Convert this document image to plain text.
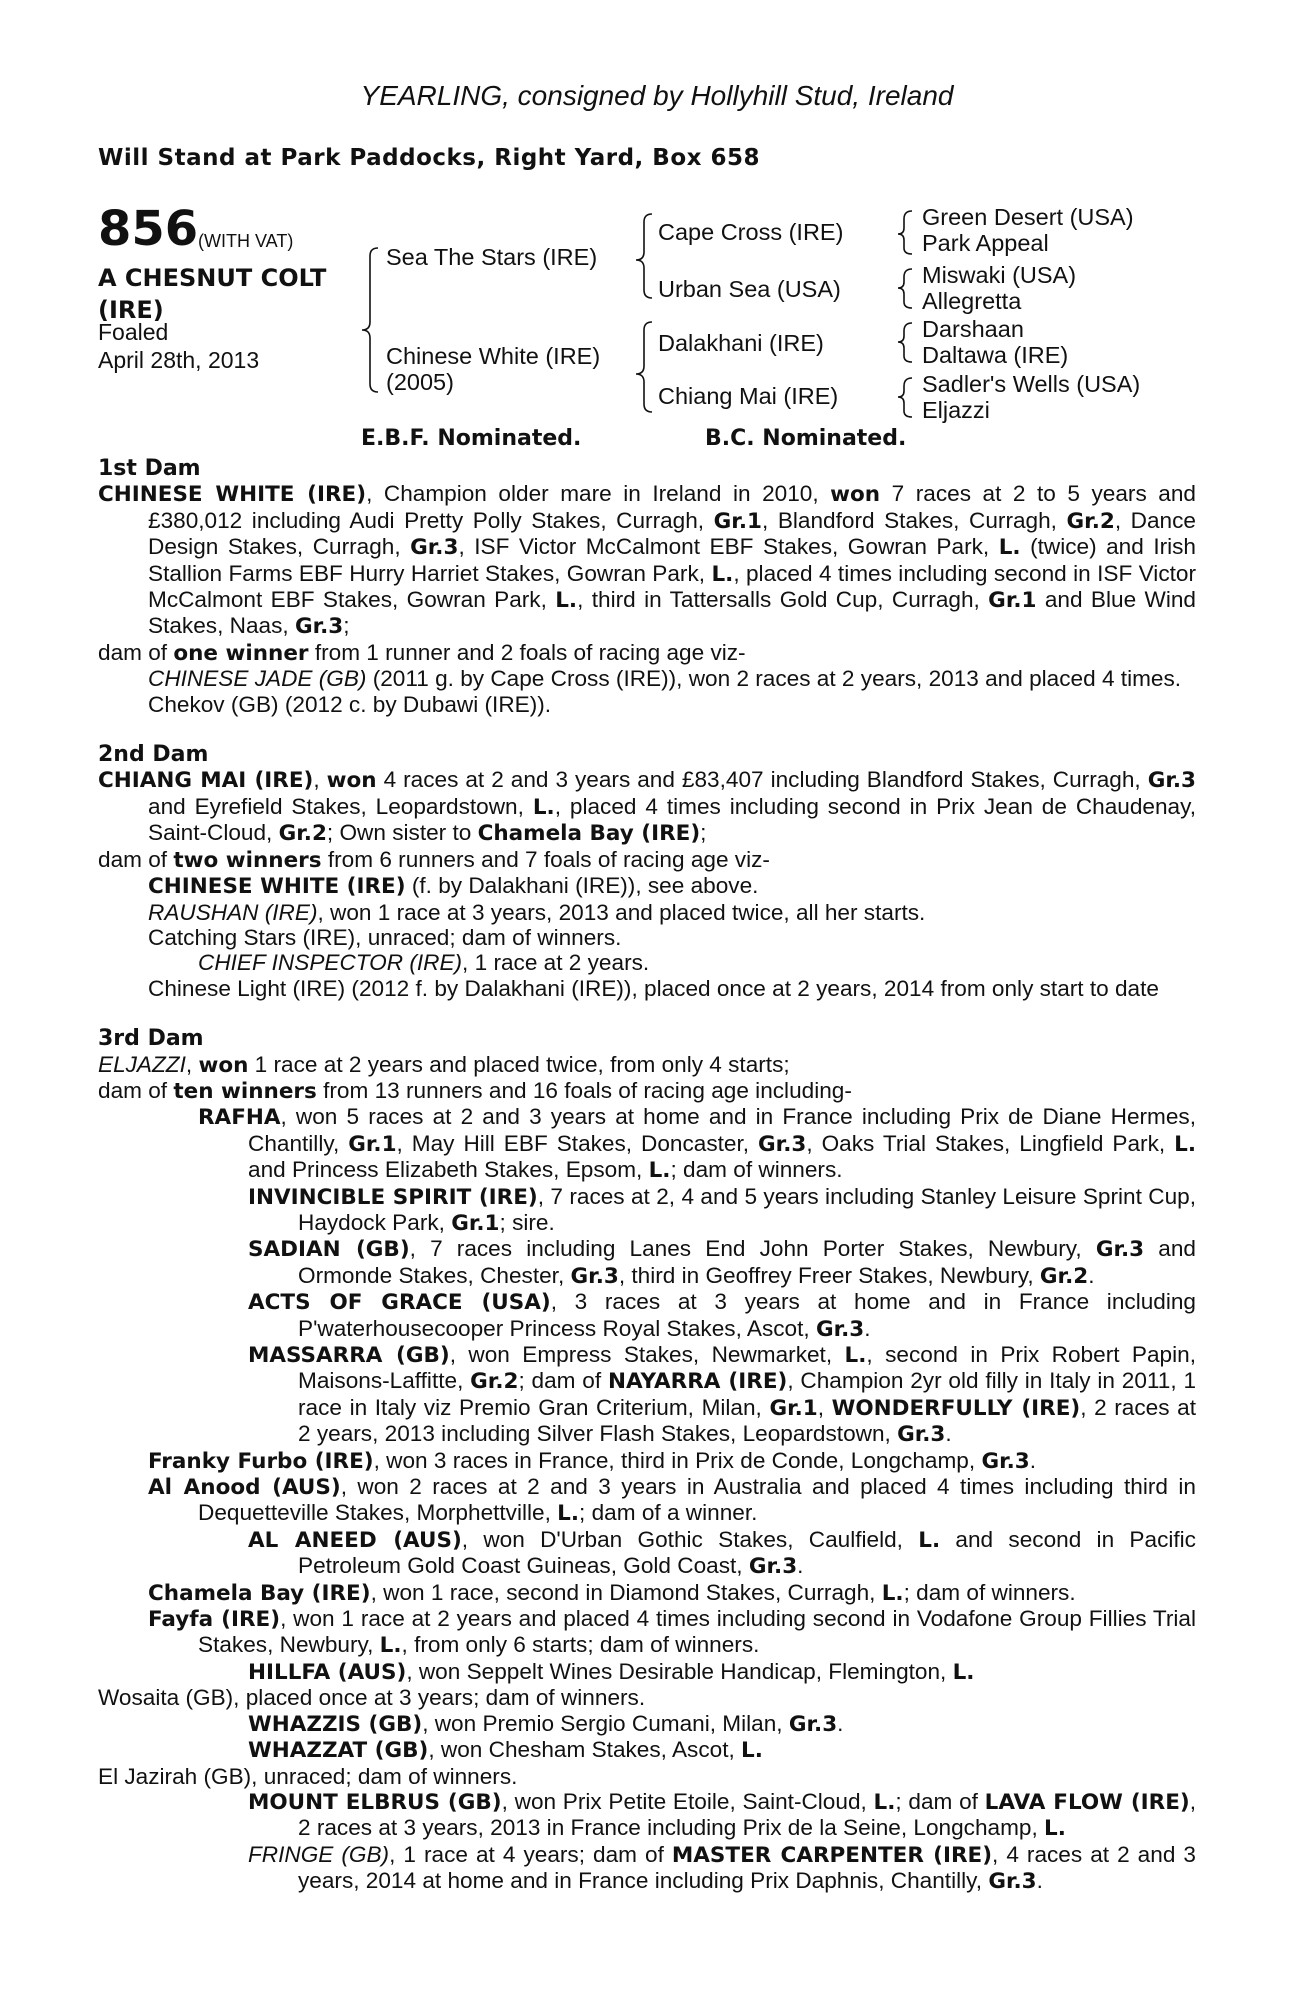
YEARLING, consigned by Hollyhill Stud, Ireland
Will Stand at Park Paddocks, Right Yard, Box 658
856 (WITH VAT)
A CHESNUT COLT
(IRE)
Foaled
April 28th, 2013
Sea The Stars (IRE)
Chinese White (IRE)
(2005)
Cape Cross (IRE)
Urban Sea (USA)
Dalakhani (IRE)
Chiang Mai (IRE)
Green Desert (USA)
Park Appeal
Miswaki (USA)
Allegretta
Darshaan
Daltawa (IRE)
Sadler's Wells (USA)
Eljazzi
E.B.F. Nominated.	B.C. Nominated.

1st Dam

CHINESE WHITE (IRE), Champion older mare in Ireland in 2010, won 7 races at 2 to 5 years and £380,012 including Audi Pretty Polly Stakes, Curragh, Gr.1, Blandford Stakes, Curragh, Gr.2, Dance Design Stakes, Curragh, Gr.3, ISF Victor McCalmont EBF Stakes, Gowran Park, L. (twice) and Irish Stallion Farms EBF Hurry Harriet Stakes, Gowran Park, L., placed 4 times including second in ISF Victor McCalmont EBF Stakes, Gowran Park, L., third in Tattersalls Gold Cup, Curragh, Gr.1 and Blue Wind Stakes, Naas, Gr.3;

dam of one winner from 1 runner and 2 foals of racing age viz-

CHINESE JADE (GB) (2011 g. by Cape Cross (IRE)), won 2 races at 2 years, 2013 and placed 4 times.

Chekov (GB) (2012 c. by Dubawi (IRE)).

2nd Dam

CHIANG MAI (IRE), won 4 races at 2 and 3 years and £83,407 including Blandford Stakes, Curragh, Gr.3 and Eyrefield Stakes, Leopardstown, L., placed 4 times including second in Prix Jean de Chaudenay, Saint-Cloud, Gr.2; Own sister to Chamela Bay (IRE);

dam of two winners from 6 runners and 7 foals of racing age viz-

CHINESE WHITE (IRE) (f. by Dalakhani (IRE)), see above.

RAUSHAN (IRE), won 1 race at 3 years, 2013 and placed twice, all her starts.

Catching Stars (IRE), unraced; dam of winners.

CHIEF INSPECTOR (IRE), 1 race at 2 years.

Chinese Light (IRE) (2012 f. by Dalakhani (IRE)), placed once at 2 years, 2014 from only start to date

3rd Dam

ELJAZZI, won 1 race at 2 years and placed twice, from only 4 starts;

dam of ten winners from 13 runners and 16 foals of racing age including-

RAFHA, won 5 races at 2 and 3 years at home and in France including Prix de Diane Hermes, Chantilly, Gr.1, May Hill EBF Stakes, Doncaster, Gr.3, Oaks Trial Stakes, Lingfield Park, L. and Princess Elizabeth Stakes, Epsom, L.; dam of winners.

INVINCIBLE SPIRIT (IRE), 7 races at 2, 4 and 5 years including Stanley Leisure Sprint Cup, Haydock Park, Gr.1; sire.

SADIAN (GB), 7 races including Lanes End John Porter Stakes, Newbury, Gr.3 and Ormonde Stakes, Chester, Gr.3, third in Geoffrey Freer Stakes, Newbury, Gr.2.

ACTS OF GRACE (USA), 3 races at 3 years at home and in France including P'waterhousecooper Princess Royal Stakes, Ascot, Gr.3.

MASSARRA (GB), won Empress Stakes, Newmarket, L., second in Prix Robert Papin, Maisons-Laffitte, Gr.2; dam of NAYARRA (IRE), Champion 2yr old filly in Italy in 2011, 1 race in Italy viz Premio Gran Criterium, Milan, Gr.1, WONDERFULLY (IRE), 2 races at 2 years, 2013 including Silver Flash Stakes, Leopardstown, Gr.3.

Franky Furbo (IRE), won 3 races in France, third in Prix de Conde, Longchamp, Gr.3.

Al Anood (AUS), won 2 races at 2 and 3 years in Australia and placed 4 times including third in Dequetteville Stakes, Morphettville, L.; dam of a winner.

AL ANEED (AUS), won D'Urban Gothic Stakes, Caulfield, L. and second in Pacific Petroleum Gold Coast Guineas, Gold Coast, Gr.3.

Chamela Bay (IRE), won 1 race, second in Diamond Stakes, Curragh, L.; dam of winners.

Fayfa (IRE), won 1 race at 2 years and placed 4 times including second in Vodafone Group Fillies Trial Stakes, Newbury, L., from only 6 starts; dam of winners.

HILLFA (AUS), won Seppelt Wines Desirable Handicap, Flemington, L.

Wosaita (GB), placed once at 3 years; dam of winners.

WHAZZIS (GB), won Premio Sergio Cumani, Milan, Gr.3.

WHAZZAT (GB), won Chesham Stakes, Ascot, L.

El Jazirah (GB), unraced; dam of winners.

MOUNT ELBRUS (GB), won Prix Petite Etoile, Saint-Cloud, L.; dam of LAVA FLOW (IRE), 2 races at 3 years, 2013 in France including Prix de la Seine, Longchamp, L.

FRINGE (GB), 1 race at 4 years; dam of MASTER CARPENTER (IRE), 4 races at 2 and 3 years, 2014 at home and in France including Prix Daphnis, Chantilly, Gr.3.
